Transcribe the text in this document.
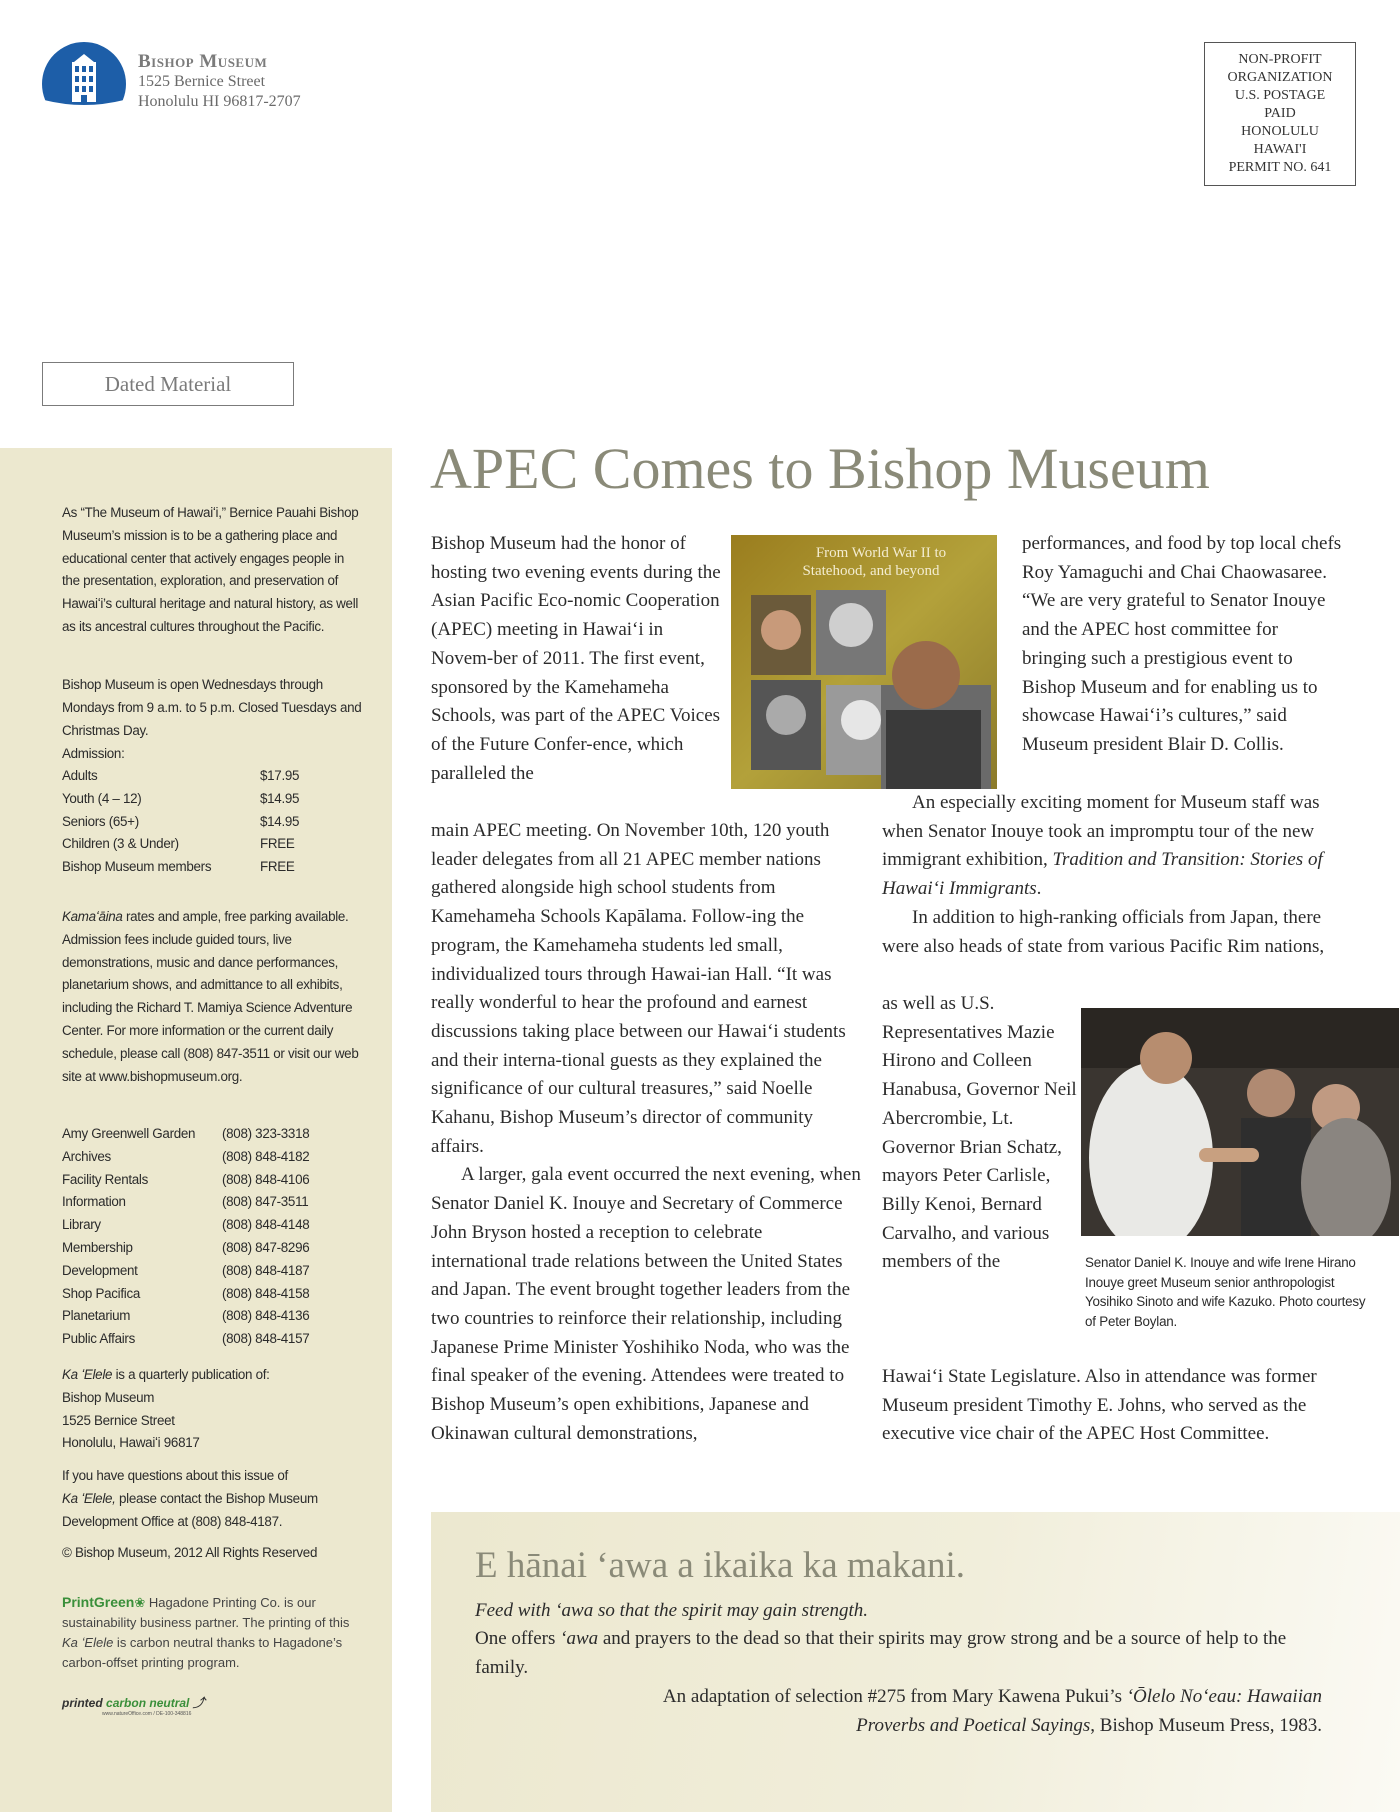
Bishop Museum
1525 Bernice Street
Honolulu HI 96817-2707
NON-PROFIT
ORGANIZATION
U.S. POSTAGE
PAID
HONOLULU
HAWAI'I
PERMIT NO. 641
Dated Material
As “The Museum of Hawaiʻi,” Bernice Pauahi Bishop Museum’s mission is to be a gathering place and educational center that actively engages people in the presentation, exploration, and preservation of Hawaiʻi’s cultural heritage and natural history, as well as its ancestral cultures throughout the Pacific.
Bishop Museum is open Wednesdays through Mondays from 9 a.m. to 5 p.m. Closed Tuesdays and Christmas Day.
Admission:
Adults	$17.95
Youth (4 – 12)	$14.95
Seniors (65+)	$14.95
Children (3 & Under)	FREE
Bishop Museum members	FREE
Kamaʻāina rates and ample, free parking available. Admission fees include guided tours, live demonstrations, music and dance performances, planetarium shows, and admittance to all exhibits, including the Richard T. Mamiya Science Adventure Center. For more information or the current daily schedule, please call (808) 847-3511 or visit our web site at www.bishopmuseum.org.
Amy Greenwell Garden	(808) 323-3318
Archives	(808) 848-4182
Facility Rentals	(808) 848-4106
Information	(808) 847-3511
Library	(808) 848-4148
Membership	(808) 847-8296
Development	(808) 848-4187
Shop Pacifica	(808) 848-4158
Planetarium	(808) 848-4136
Public Affairs	(808) 848-4157

Ka ʻElele is a quarterly publication of:

Bishop Museum

1525 Bernice Street

Honolulu, Hawaiʻi 96817

If you have questions about this issue of

Ka ʻElele, please contact the Bishop Museum Development Office at (808) 848-4187.

© Bishop Museum, 2012 All Rights Reserved
PrintGreen❀ Hagadone Printing Co. is our sustainability business partner. The printing of this Ka ʻElele is carbon neutral thanks to Hagadone’s carbon-offset printing program.
printed carbon neutral ⤴
www.natureOffice.com / DE-100-348816
APEC Comes to Bishop Museum
Bishop Museum had the honor of hosting two evening events during the Asian Pacific Eco-nomic Cooperation (APEC) meeting in Hawaiʻi in Novem-ber of 2011. The first event, sponsored by the Kamehameha Schools, was part of the APEC Voices of the Future Confer-ence, which paralleled the
From World War II to
Statehood, and beyond
performances, and food by top local chefs Roy Yamaguchi and Chai Chaowasaree. “We are very grateful to Senator Inouye and the APEC host committee for bringing such a prestigious event to Bishop Museum and for enabling us to showcase Hawaiʻi’s cultures,” said Museum president Blair D. Collis.

main APEC meeting. On November 10th, 120 youth leader delegates from all 21 APEC member nations gathered alongside high school students from Kamehameha Schools Kapālama. Follow-ing the program, the Kamehameha students led small, individualized tours through Hawai-ian Hall. “It was really wonderful to hear the profound and earnest discussions taking place between our Hawaiʻi students and their interna-tional guests as they explained the significance of our cultural treasures,” said Noelle Kahanu, Bishop Museum’s director of community affairs.

A larger, gala event occurred the next evening, when Senator Daniel K. Inouye and Secretary of Commerce John Bryson hosted a reception to celebrate international trade relations between the United States and Japan. The event brought together leaders from the two countries to reinforce their relationship, including Japanese Prime Minister Yoshihiko Noda, who was the final speaker of the evening. Attendees were treated to Bishop Museum’s open exhibitions, Japanese and Okinawan cultural demonstrations,

An especially exciting moment for Museum staff was when Senator Inouye took an impromptu tour of the new immigrant exhibition, Tradition and Transition: Stories of Hawaiʻi Immigrants.

In addition to high-ranking officials from Japan, there were also heads of state from various Pacific Rim nations,

as well as U.S. Representatives Mazie Hirono and Colleen Hanabusa, Governor Neil Abercrombie, Lt. Governor Brian Schatz, mayors Peter Carlisle, Billy Kenoi, Bernard Carvalho, and various members of the	Senator Daniel K. Inouye and wife Irene Hirano Inouye greet Museum senior anthropologist Yosihiko Sinoto and wife Kazuko. Photo courtesy of Peter Boylan.
Hawaiʻi State Legislature. Also in attendance was former Museum president Timothy E. Johns, who served as the executive vice chair of the APEC Host Committee.
E hānai ʻawa a ikaika ka makani.
Feed with ʻawa so that the spirit may gain strength.
One offers ʻawa and prayers to the dead so that their spirits may grow strong and be a source of help to the family.
An adaptation of selection #275 from Mary Kawena Pukui’s ʻŌlelo Noʻeau: Hawaiian Proverbs and Poetical Sayings, Bishop Museum Press, 1983.
